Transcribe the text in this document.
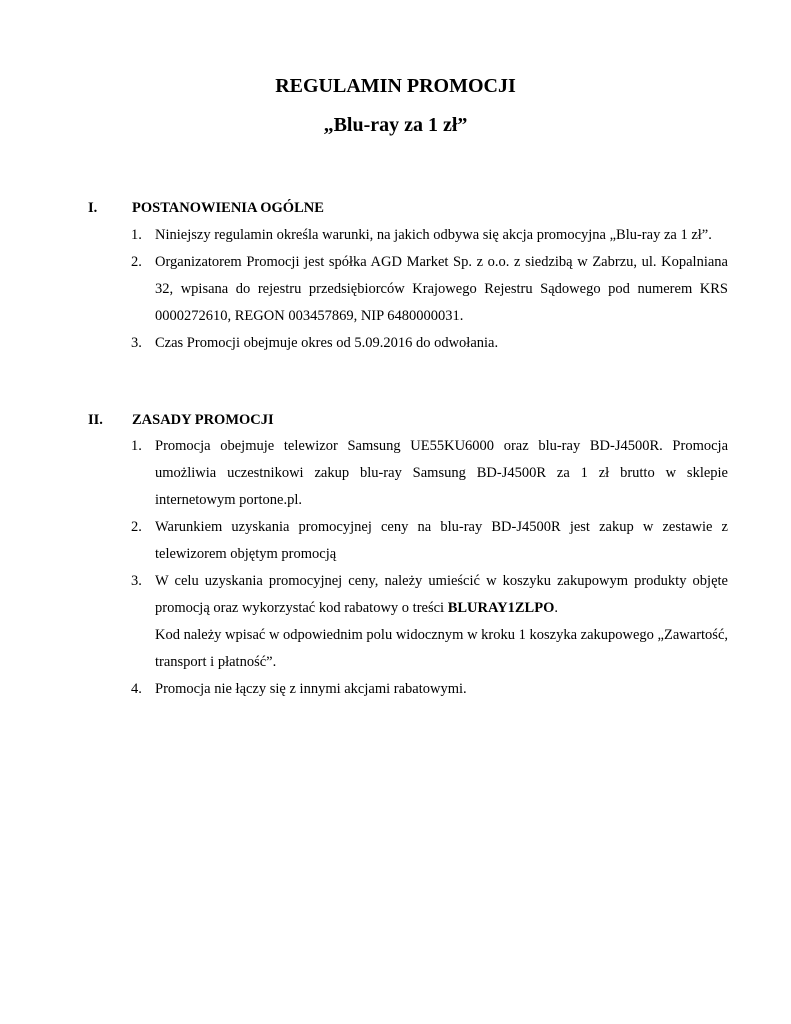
REGULAMIN PROMOCJI
„Blu-ray za 1 zł”
I. POSTANOWIENIA OGÓLNE
1. Niniejszy regulamin określa warunki, na jakich odbywa się akcja promocyjna „Blu-ray za 1 zł”.
2. Organizatorem Promocji jest spółka AGD Market Sp. z o.o. z siedzibą w Zabrzu, ul. Kopalniana 32, wpisana do rejestru przedsiębiorców Krajowego Rejestru Sądowego pod numerem KRS 0000272610, REGON 003457869, NIP 6480000031.
3. Czas Promocji obejmuje okres od 5.09.2016 do odwołania.
II. ZASADY PROMOCJI
1. Promocja obejmuje telewizor Samsung UE55KU6000 oraz blu-ray BD-J4500R. Promocja umożliwia uczestnikowi zakup blu-ray Samsung BD-J4500R za 1 zł brutto w sklepie internetowym portone.pl.
2. Warunkiem uzyskania promocyjnej ceny na blu-ray BD-J4500R jest zakup w zestawie z telewizorem objętym promocją
3. W celu uzyskania promocyjnej ceny, należy umieścić w koszyku zakupowym produkty objęte promocją oraz wykorzystać kod rabatowy o treści BLURAY1ZLPO.
Kod należy wpisać w odpowiednim polu widocznym w kroku 1 koszyka zakupowego „Zawartość, transport i płatność”.
4. Promocja nie łączy się z innymi akcjami rabatowymi.
